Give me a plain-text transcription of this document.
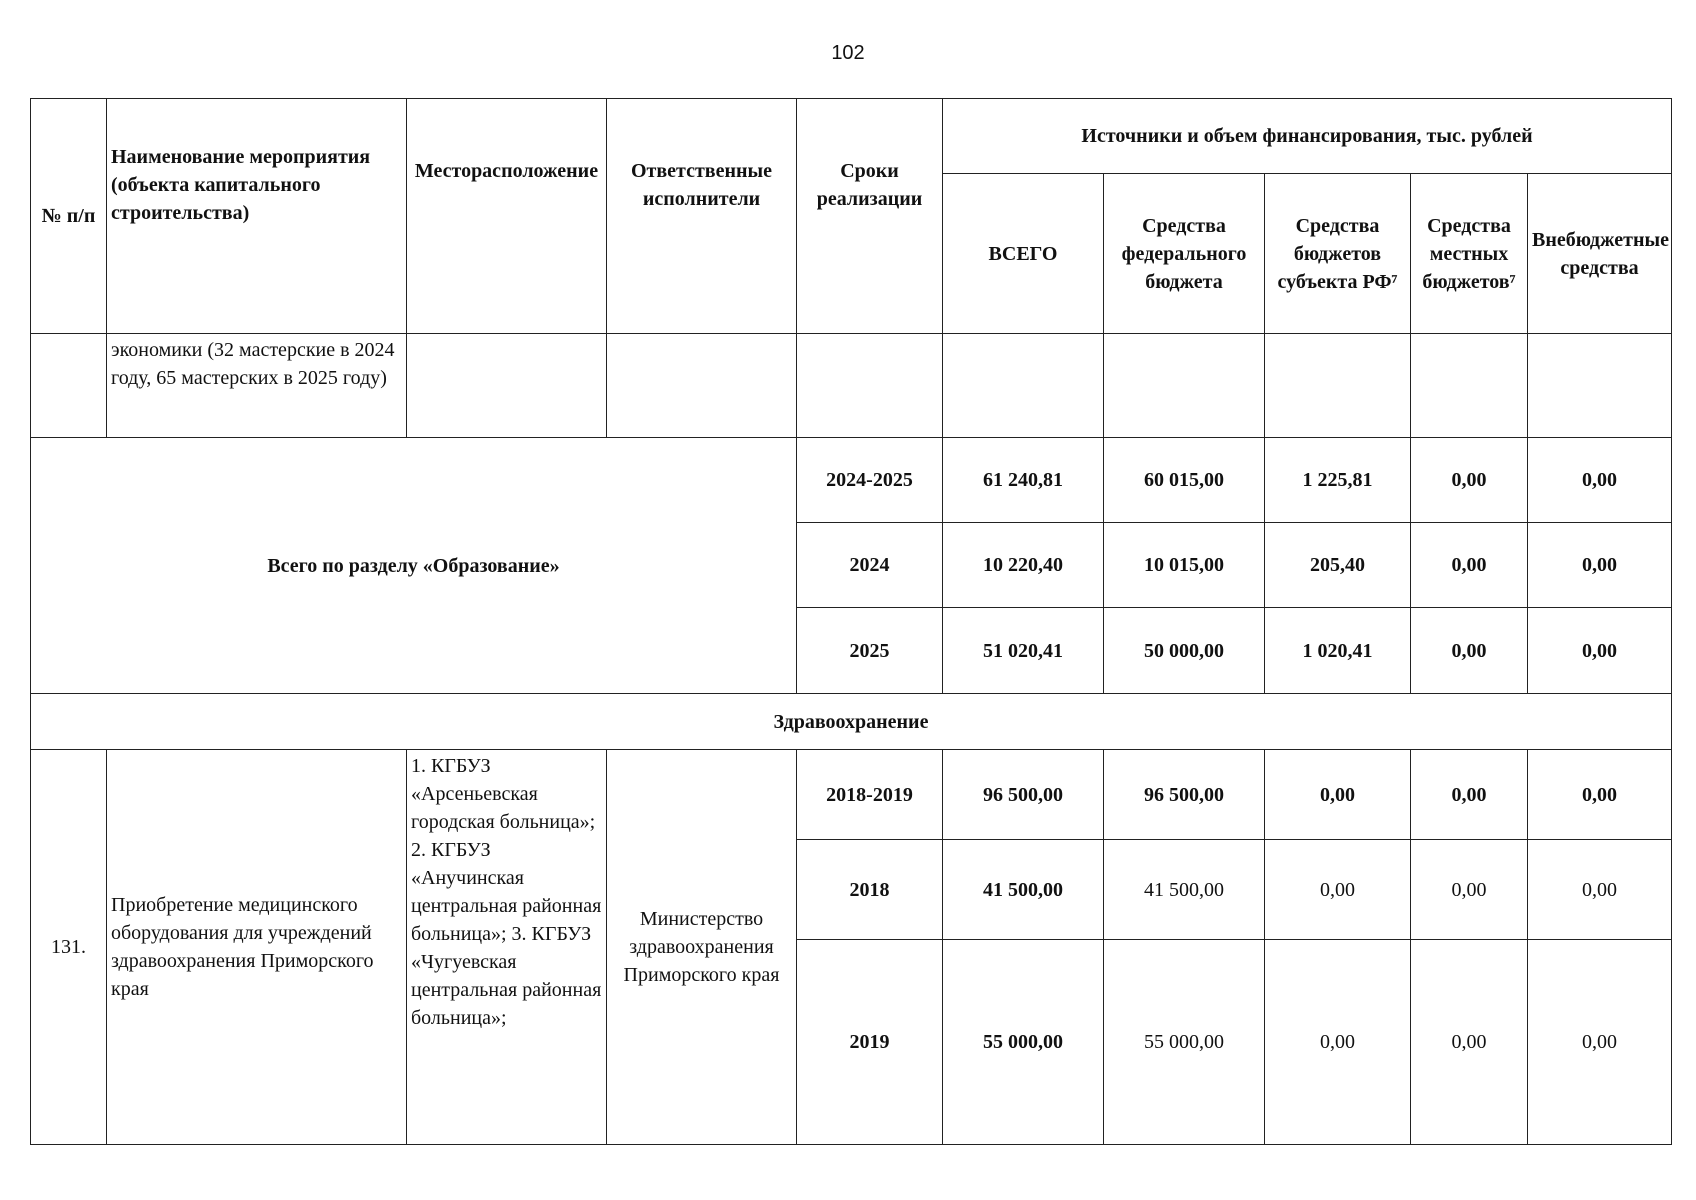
102
№ п/п	Наименование мероприятия (объекта капитального строительства)	Месторасположение	Ответственные исполнители	Сроки реализации	Источники и объем финансирования, тыс. рублей				
					ВСЕГО	Средства федерального бюджета	Средства бюджетов субъекта РФ⁷	Средства местных бюджетов⁷	Внебюджетные средства
	экономики (32 мастерские в 2024 году, 65 мастерских в 2025 году)								
Всего по разделу «Образование»				2024-2025	61 240,81	60 015,00	1 225,81	0,00	0,00
				2024	10 220,40	10 015,00	205,40	0,00	0,00
				2025	51 020,41	50 000,00	1 020,41	0,00	0,00
Здравоохранение									
131.	Приобретение медицинского оборудования для учреждений здравоохранения Приморского края	1. КГБУЗ «Арсеньевская городская больница»; 2. КГБУЗ «Анучинская центральная районная больница»; 3. КГБУЗ «Чугуевская центральная районная больница»;	Министерство здравоохранения Приморского края	2018-2019	96 500,00	96 500,00	0,00	0,00	0,00
				2018	41 500,00	41 500,00	0,00	0,00	0,00
				2019	55 000,00	55 000,00	0,00	0,00	0,00
